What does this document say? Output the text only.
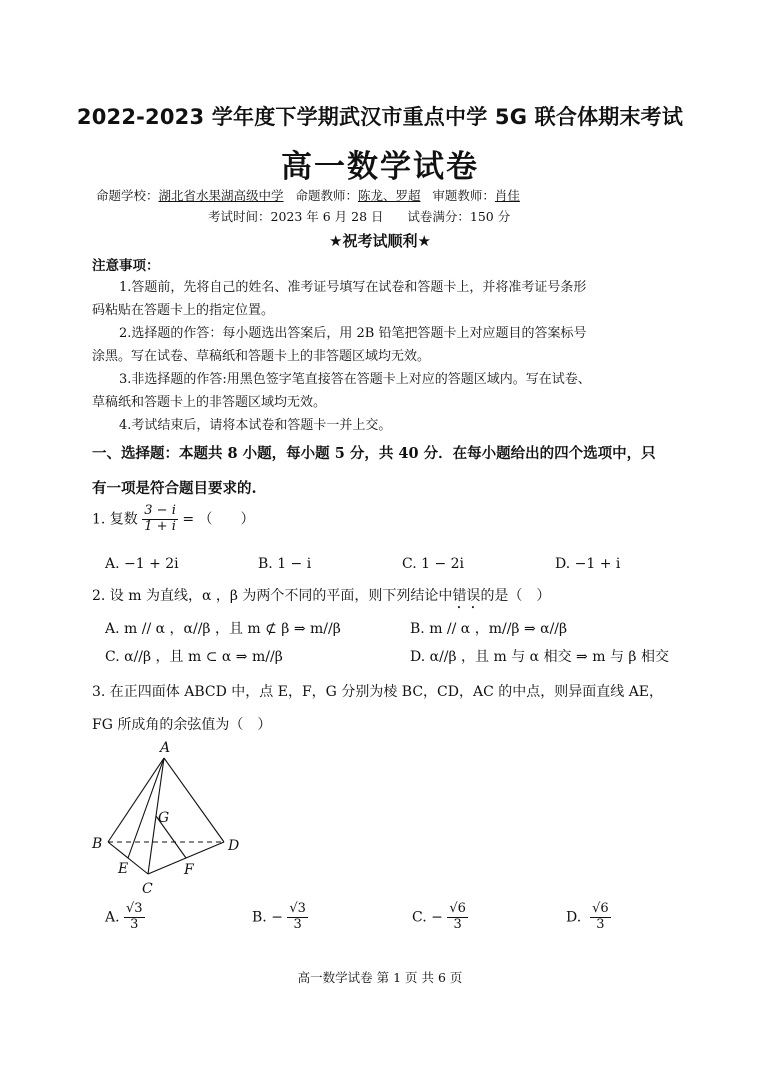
2022-2023 学年度下学期武汉市重点中学 5G 联合体期末考试
高一数学试卷
命题学校：湖北省水果湖高级中学 命题教师：陈龙、罗超 审题教师：肖佳
考试时间：2023 年 6 月 28 日 试卷满分：150 分
★祝考试顺利★
注意事项：
1.答题前，先将自己的姓名、准考证号填写在试卷和答题卡上，并将准考证号条形
码粘贴在答题卡上的指定位置。
2.选择题的作答：每小题选出答案后，用 2B 铅笔把答题卡上对应题目的答案标号
涂黑。写在试卷、草稿纸和答题卡上的非答题区域均无效。
3.非选择题的作答:用黑色签字笔直接答在答题卡上对应的答题区域内。写在试卷、
草稿纸和答题卡上的非答题区域均无效。
4.考试结束后，请将本试卷和答题卡一并上交。
一、选择题：本题共 8 小题，每小题 5 分，共 40 分．在每小题给出的四个选项中，只
有一项是符合题目要求的.
1. 复数 $\frac{3 - i}{1 + i}$ = （　　）
A. −1 + 2i	B. 1 − i	C. 1 − 2i	D. −1 + i
2. 设 m 为直线，α ，β 为两个不同的平面，则下列结论中错误的是（　）
A. m // α ，α//β ，且 m ⊄ β ⇒ m//β	B. m // α ，m//β ⇒ α//β
C. α//β ，且 m ⊂ α ⇒ m//β	D. α//β ，且 m 与 α 相交 ⇒ m 与 β 相交
3. 在正四面体 ABCD 中，点 E，F，G 分别为棱 BC，CD，AC 的中点，则异面直线 AE，
FG 所成角的余弦值为（　）
A
B
C
D
E	F
G
A. $\frac{√3}{3}$	B. − $\frac{√3}{3}$	C. − $\frac{√6}{3}$	D. $\frac{√6}{3}$
高一数学试卷 第 1 页 共 6 页
